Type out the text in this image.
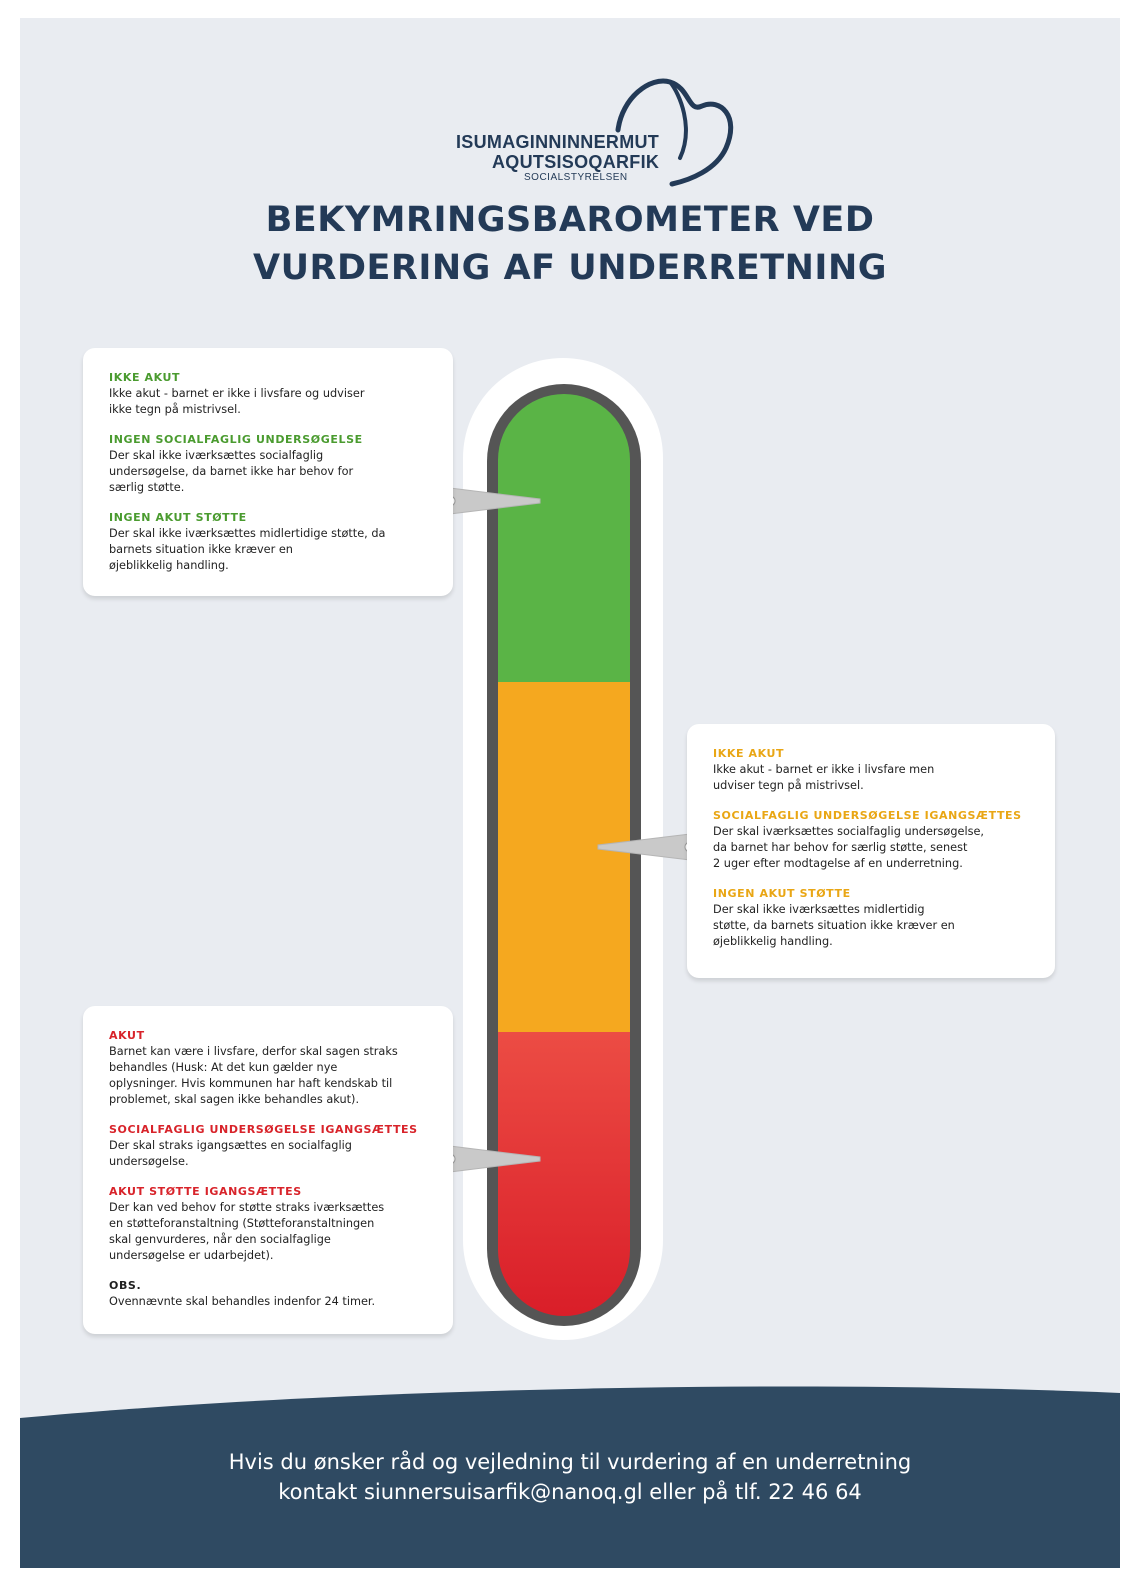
ISUMAGINNINNERMUT
AQUTSISOQARFIK
SOCIALSTYRELSEN
BEKYMRINGSBAROMETER VED
VURDERING AF UNDERRETNING
IKKE AKUT
Ikke akut - barnet er ikke i livsfare og udviser
ikke tegn på mistrivsel.
INGEN SOCIALFAGLIG UNDERSØGELSE
Der skal ikke iværksættes socialfaglig
undersøgelse, da barnet ikke har behov for
særlig støtte.
INGEN AKUT STØTTE
Der skal ikke iværksættes midlertidige støtte, da
barnets situation ikke kræver en
øjeblikkelig handling.
IKKE AKUT
Ikke akut - barnet er ikke i livsfare men
udviser tegn på mistrivsel.
SOCIALFAGLIG UNDERSØGELSE IGANGSÆTTES
Der skal iværksættes socialfaglig undersøgelse,
da barnet har behov for særlig støtte, senest
2 uger efter modtagelse af en underretning.
INGEN AKUT STØTTE
Der skal ikke iværksættes midlertidig
støtte, da barnets situation ikke kræver en
øjeblikkelig handling.
AKUT
Barnet kan være i livsfare, derfor skal sagen straks
behandles (Husk: At det kun gælder nye
oplysninger. Hvis kommunen har haft kendskab til
problemet, skal sagen ikke behandles akut).
SOCIALFAGLIG UNDERSØGELSE IGANGSÆTTES
Der skal straks igangsættes en socialfaglig
undersøgelse.
AKUT STØTTE IGANGSÆTTES
Der kan ved behov for støtte straks iværksættes
en støtteforanstaltning (Støtteforanstaltningen
skal genvurderes, når den socialfaglige
undersøgelse er udarbejdet).
OBS.
Ovennævnte skal behandles indenfor 24 timer.
Hvis du ønsker råd og vejledning til vurdering af en underretning
kontakt siunnersuisarfik@nanoq.gl eller på tlf. 22 46 64
